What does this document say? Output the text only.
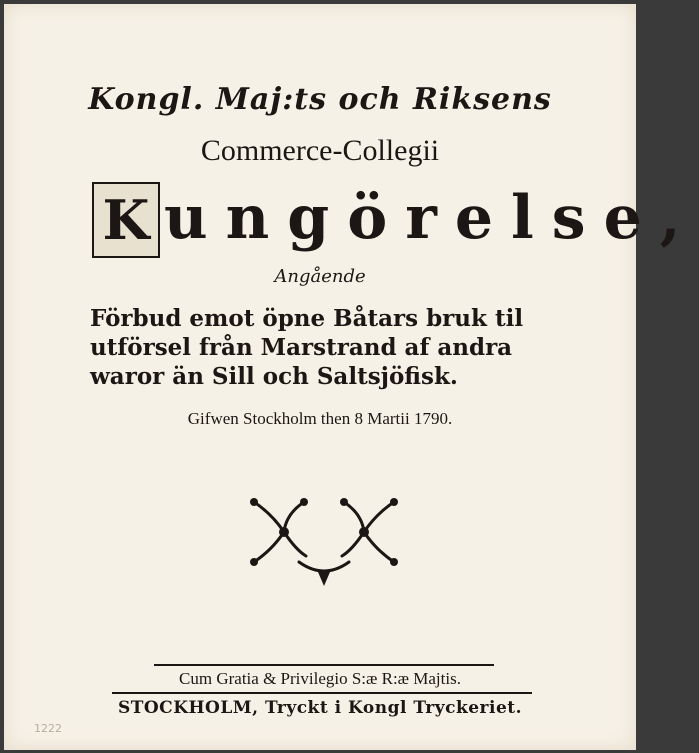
Kongl. Maj:ts och Riksens
Commerce-Collegii
K ungörelse,
Angående
Förbud emot öpne Båtars bruk til utförsel från Marstrand af andra waror än Sill och Saltsjöfisk.
Gifwen Stockholm then 8 Martii 1790.
Cum Gratia & Privilegio S:æ R:æ Majtis.
STOCKHOLM, Tryckt i Kongl Tryckeriet.
1222
